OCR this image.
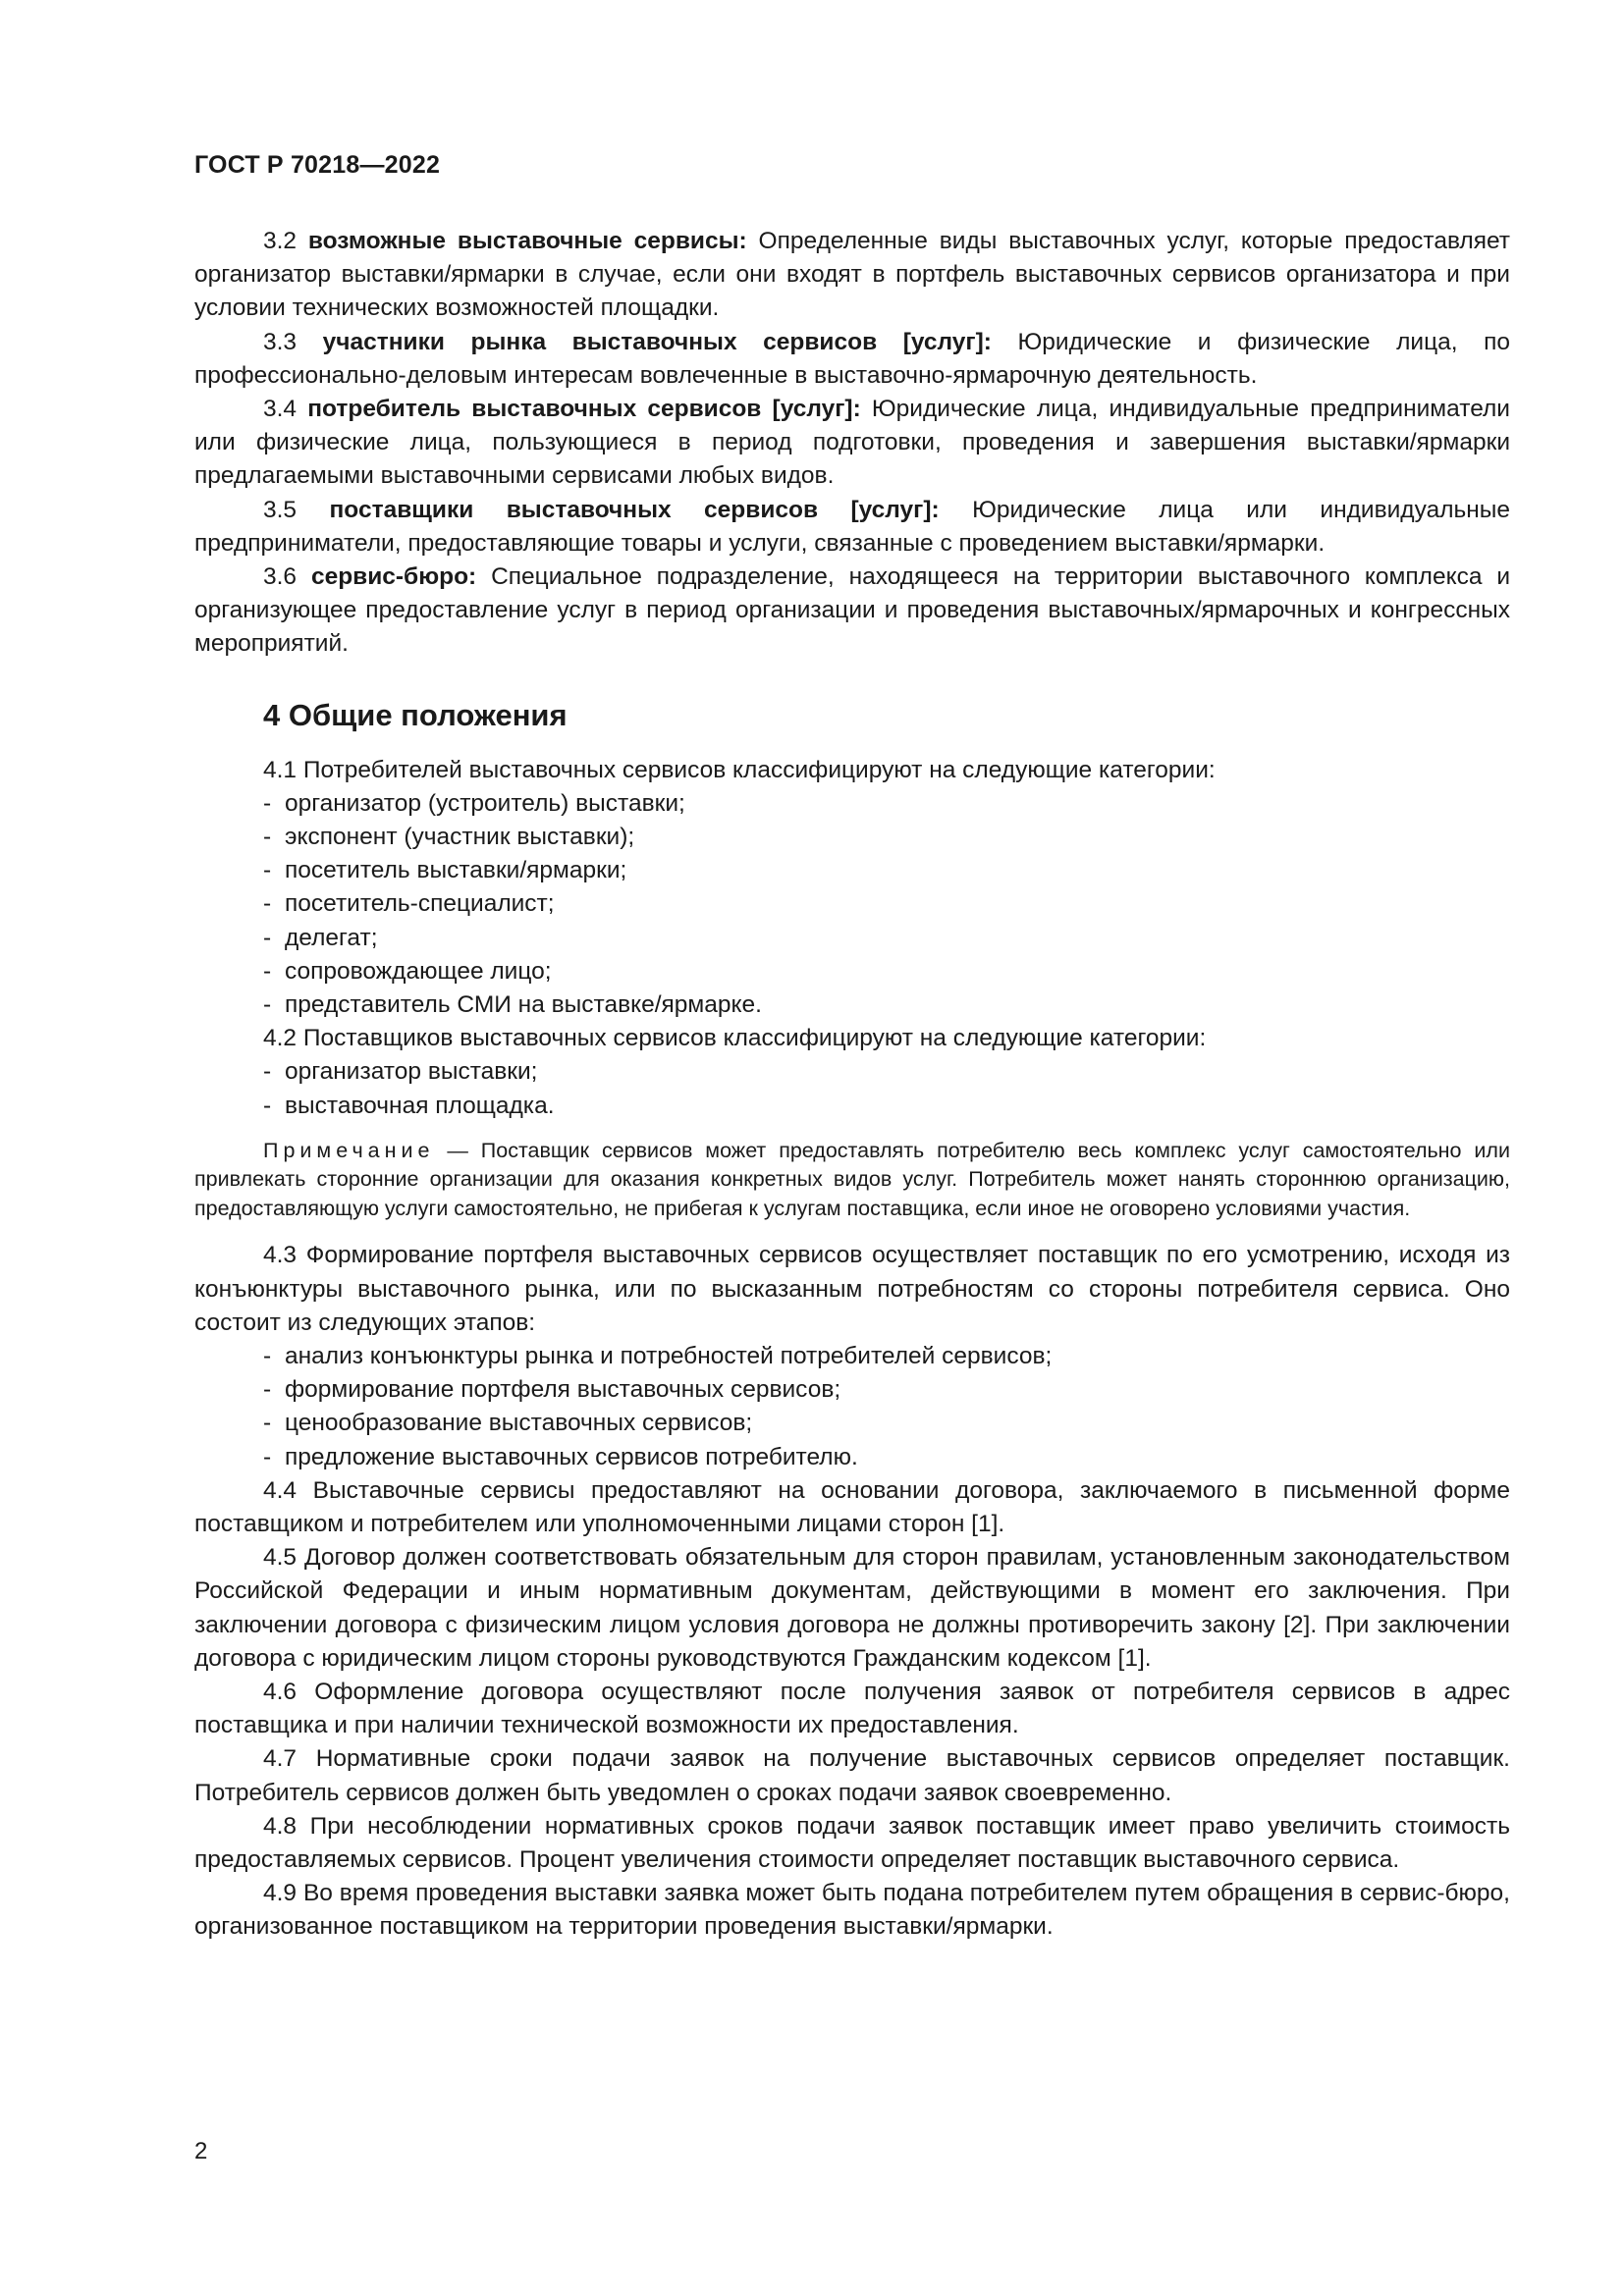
ГОСТ Р 70218—2022

3.2 возможные выставочные сервисы: Определенные виды выставочных услуг, которые предоставляет организатор выставки/ярмарки в случае, если они входят в портфель выставочных сервисов организатора и при условии технических возможностей площадки.

3.3 участники рынка выставочных сервисов [услуг]: Юридические и физические лица, по профессионально-деловым интересам вовлеченные в выставочно-ярмарочную деятельность.

3.4 потребитель выставочных сервисов [услуг]: Юридические лица, индивидуальные предприниматели или физические лица, пользующиеся в период подготовки, проведения и завершения выставки/ярмарки предлагаемыми выставочными сервисами любых видов.

3.5 поставщики выставочных сервисов [услуг]: Юридические лица или индивидуальные предприниматели, предоставляющие товары и услуги, связанные с проведением выставки/ярмарки.

3.6 сервис-бюро: Специальное подразделение, находящееся на территории выставочного комплекса и организующее предоставление услуг в период организации и проведения выставочных/ярмарочных и конгрессных мероприятий.

4 Общие положения

4.1 Потребителей выставочных сервисов классифицируют на следующие категории:

- организатор (устроитель) выставки;
- экспонент (участник выставки);
- посетитель выставки/ярмарки;
- посетитель-специалист;
- делегат;
- сопровождающее лицо;
- представитель СМИ на выставке/ярмарке.

4.2 Поставщиков выставочных сервисов классифицируют на следующие категории:

- организатор выставки;
- выставочная площадка.

Примечание — Поставщик сервисов может предоставлять потребителю весь комплекс услуг самостоятельно или привлекать сторонние организации для оказания конкретных видов услуг. Потребитель может нанять стороннюю организацию, предоставляющую услуги самостоятельно, не прибегая к услугам поставщика, если иное не оговорено условиями участия.

4.3 Формирование портфеля выставочных сервисов осуществляет поставщик по его усмотрению, исходя из конъюнктуры выставочного рынка, или по высказанным потребностям со стороны потребителя сервиса. Оно состоит из следующих этапов:

- анализ конъюнктуры рынка и потребностей потребителей сервисов;
- формирование портфеля выставочных сервисов;
- ценообразование выставочных сервисов;
- предложение выставочных сервисов потребителю.

4.4 Выставочные сервисы предоставляют на основании договора, заключаемого в письменной форме поставщиком и потребителем или уполномоченными лицами сторон [1].

4.5 Договор должен соответствовать обязательным для сторон правилам, установленным законодательством Российской Федерации и иным нормативным документам, действующими в момент его заключения. При заключении договора с физическим лицом условия договора не должны противоречить закону [2]. При заключении договора с юридическим лицом стороны руководствуются Гражданским кодексом [1].

4.6 Оформление договора осуществляют после получения заявок от потребителя сервисов в адрес поставщика и при наличии технической возможности их предоставления.

4.7 Нормативные сроки подачи заявок на получение выставочных сервисов определяет поставщик. Потребитель сервисов должен быть уведомлен о сроках подачи заявок своевременно.

4.8 При несоблюдении нормативных сроков подачи заявок поставщик имеет право увеличить стоимость предоставляемых сервисов. Процент увеличения стоимости определяет поставщик выставочного сервиса.

4.9 Во время проведения выставки заявка может быть подана потребителем путем обращения в сервис-бюро, организованное поставщиком на территории проведения выставки/ярмарки.

2
